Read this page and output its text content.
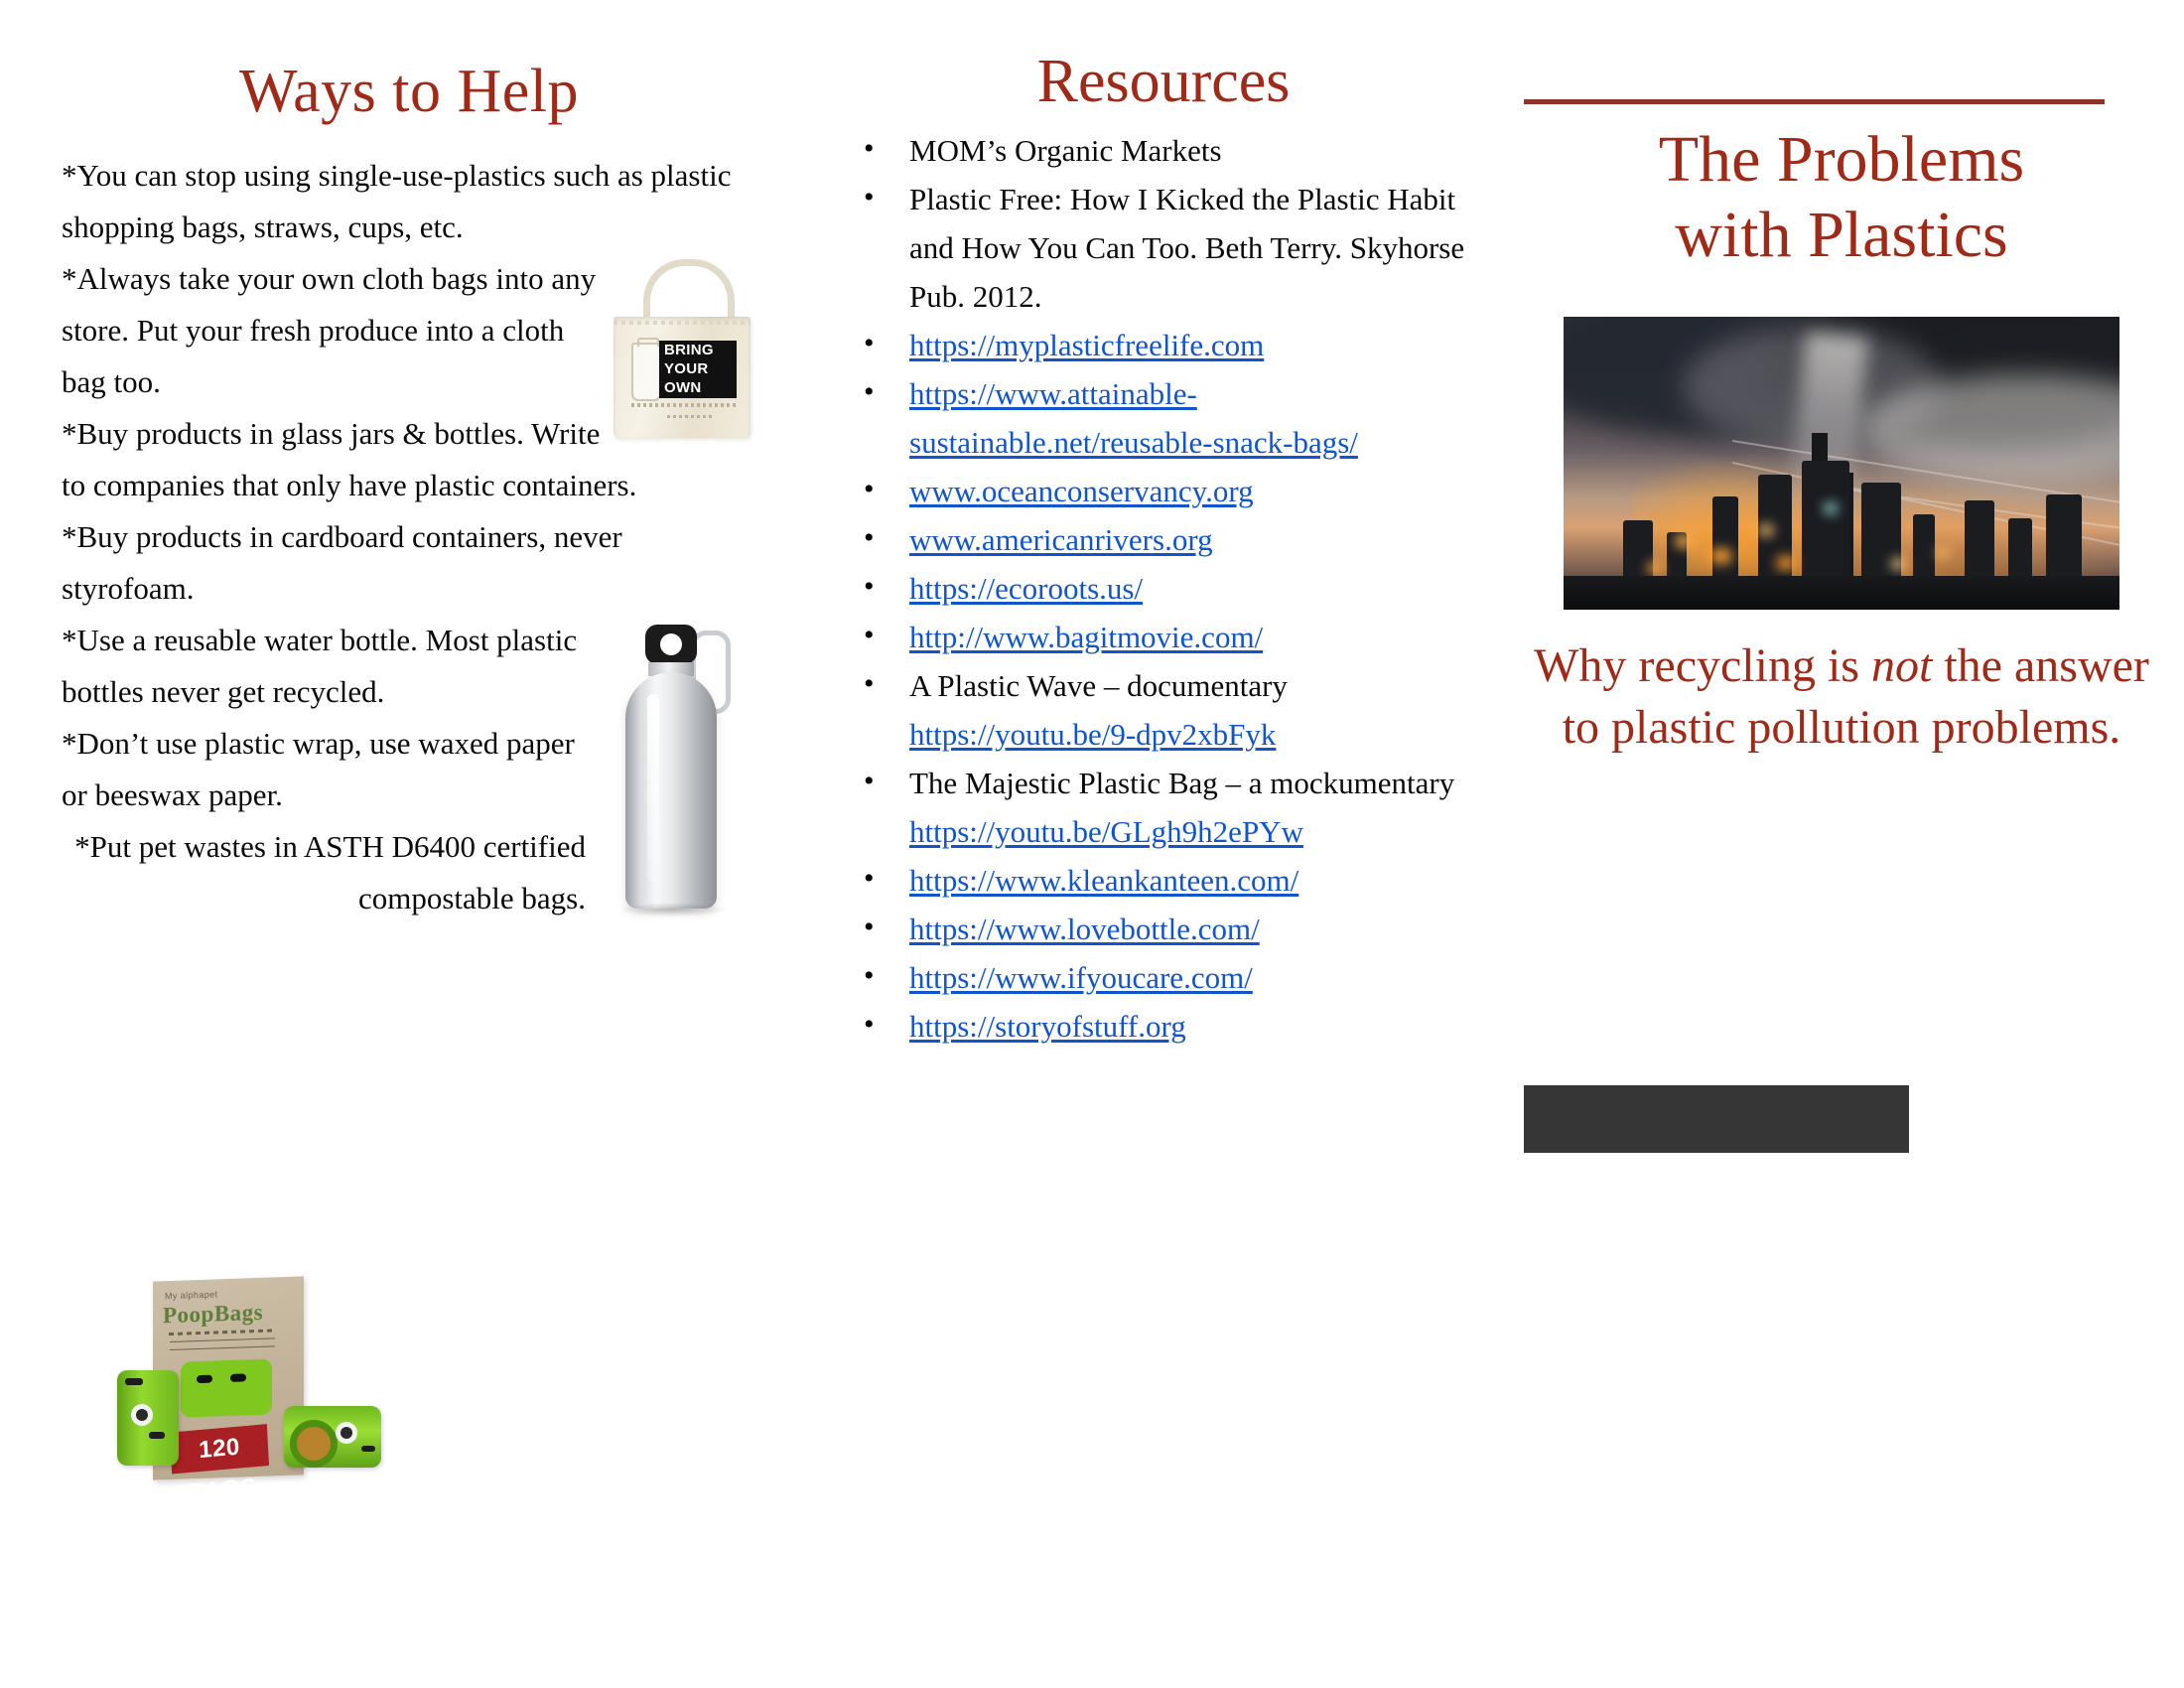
Ways to Help

*You can stop using single-use-plastics such as plastic shopping bags, straws, cups, etc.

BRING
YOUR
OWN

*Always take your own cloth bags into any store. Put your fresh produce into a cloth bag too.

*Buy products in glass jars & bottles. Write to companies that only have plastic containers.

*Buy products in cardboard containers, never styrofoam.

*Use a reusable water bottle. Most plastic bottles never get recycled.

*Don’t use plastic wrap, use waxed paper or beeswax paper.

*Put pet wastes in ASTH D6400 certified compostable bags.

My alphapet
PoopBags
120 BAGS
Resources
• MOM’s Organic Markets
• Plastic Free: How I Kicked the Plastic Habit and How You Can Too. Beth Terry. Skyhorse Pub. 2012.
• https://myplasticfreelife.com
• https://www.attainable-sustainable.net/reusable-snack-bags/
• www.oceanconservancy.org
• www.americanrivers.org
• https://ecoroots.us/
• http://www.bagitmovie.com/
• A Plastic Wave – documentary
https://youtu.be/9-dpv2xbFyk
• The Majestic Plastic Bag – a mockumentary
https://youtu.be/GLgh9h2ePYw
• https://www.kleankanteen.com/
• https://www.lovebottle.com/
• https://www.ifyoucare.com/
• https://storyofstuff.org
The Problems
with Plastics
Why recycling is not the answer to plastic pollution problems.
